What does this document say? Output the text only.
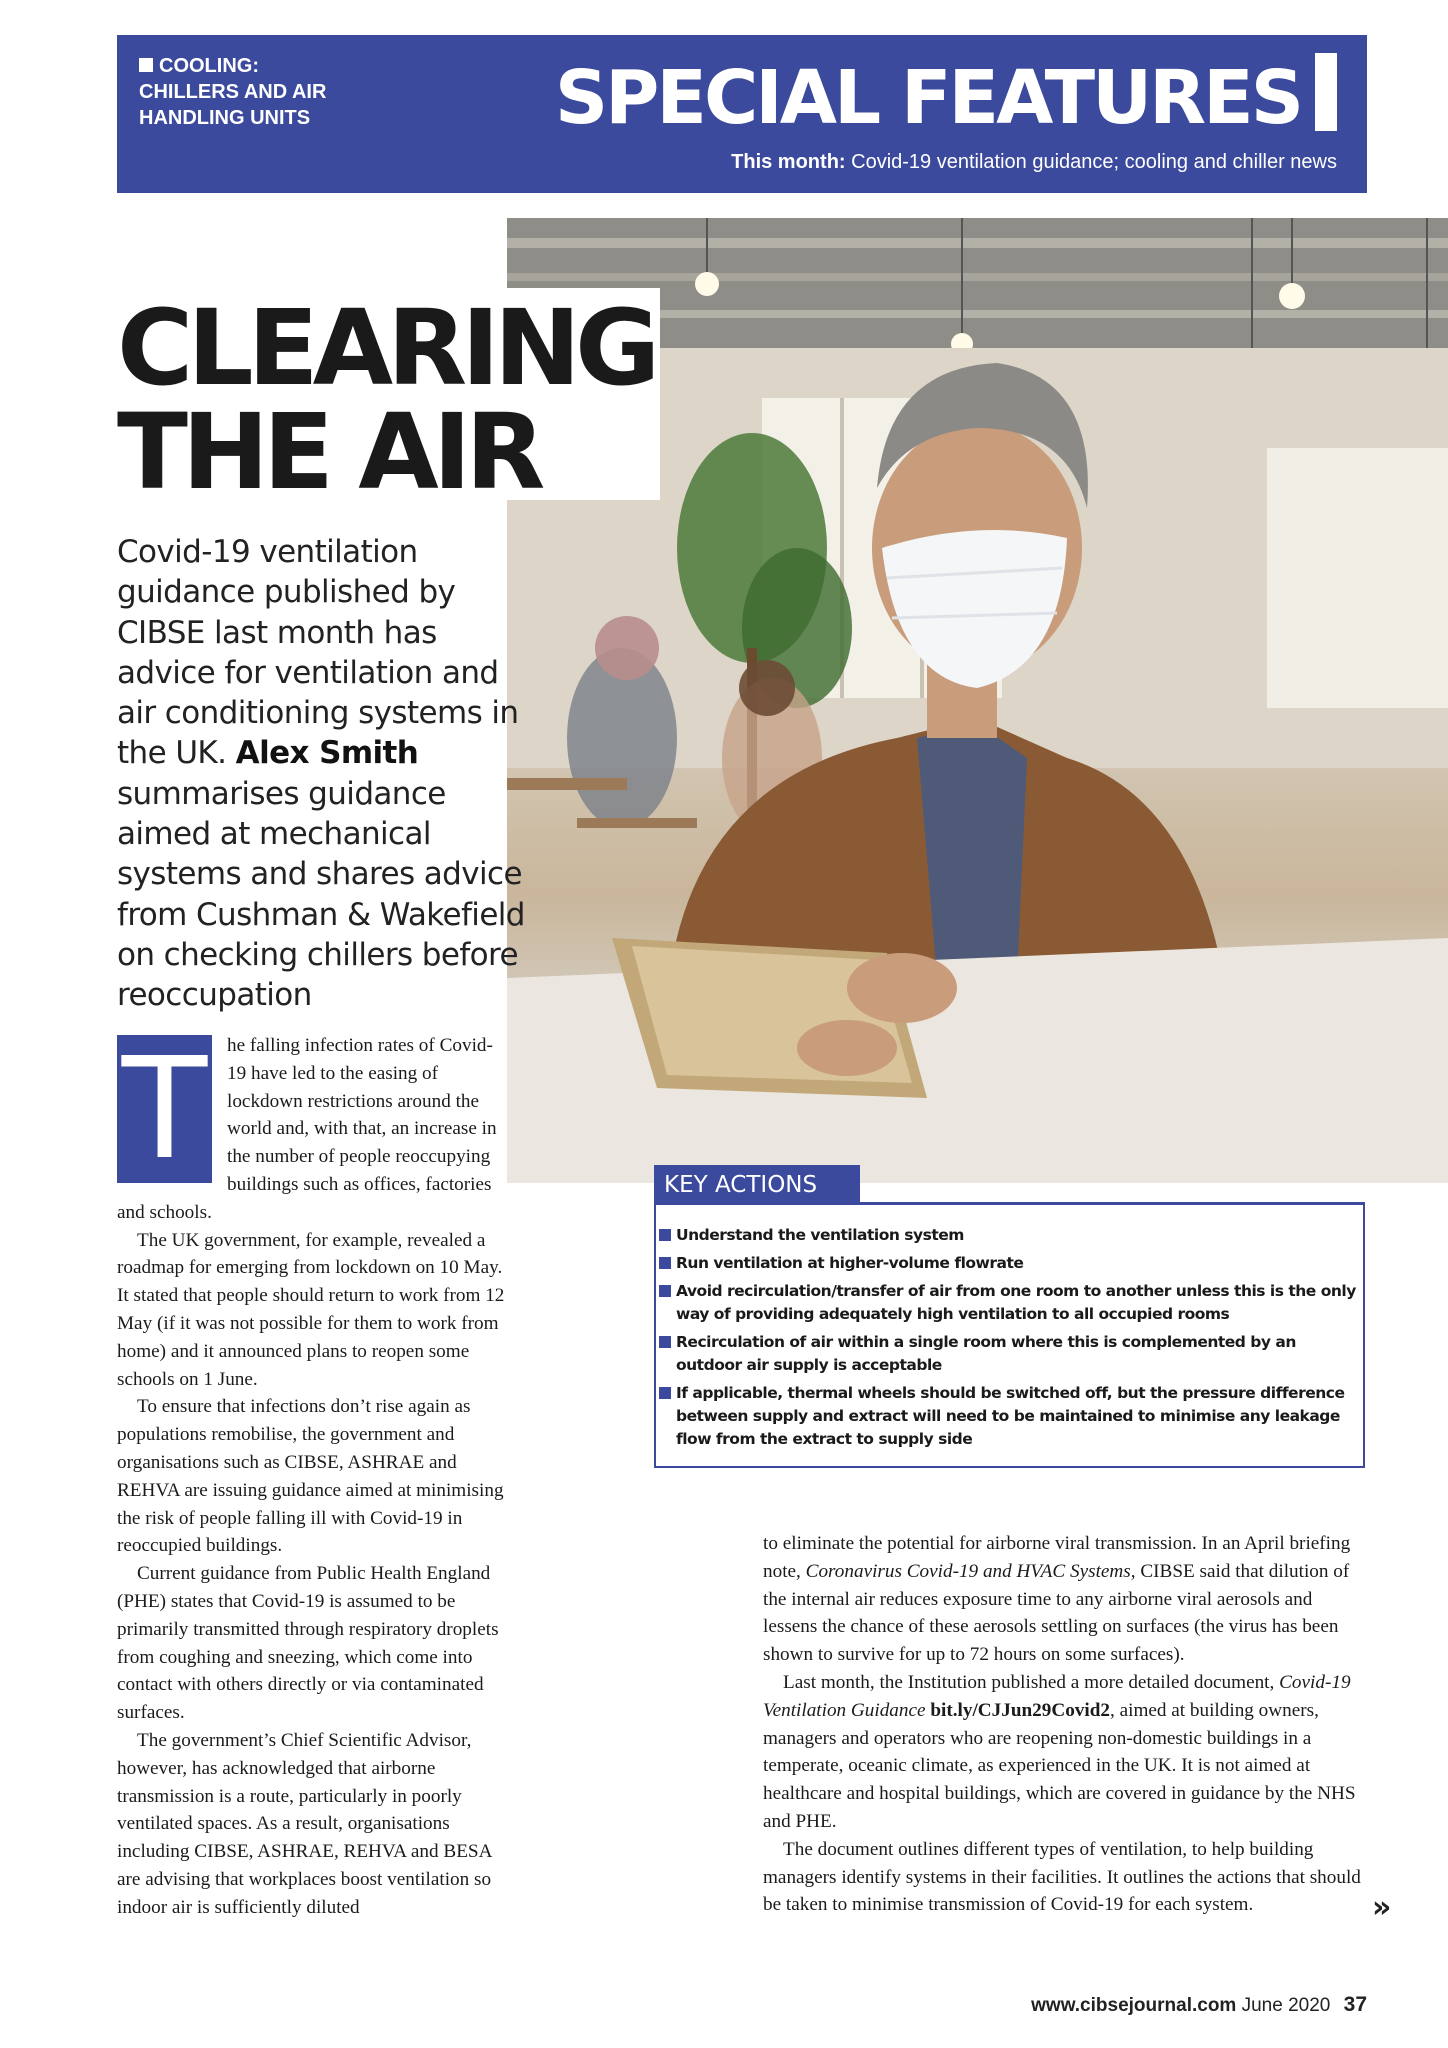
COOLING:
CHILLERS AND AIR
HANDLING UNITS	SPECIAL FEATURES
This month: Covid-19 ventilation guidance; cooling and chiller news
CLEARING
THE AIR
Covid-19 ventilation guidance published by CIBSE last month has advice for ventilation and air conditioning systems in the UK. Alex Smith summarises guidance aimed at mechanical systems and shares advice from Cushman & Wakefield on checking chillers before reoccupation
T	he falling infection rates of Covid-19 have led to the easing of lockdown restrictions around the world and, with that, an increase in the number of people reoccupying buildings such as offices, factories and schools.

The UK government, for example, revealed a roadmap for emerging from lockdown on 10 May. It stated that people should return to work from 12 May (if it was not possible for them to work from home) and it announced plans to reopen some schools on 1 June.

To ensure that infections don’t rise again as populations remobilise, the government and organisations such as CIBSE, ASHRAE and REHVA are issuing guidance aimed at minimising the risk of people falling ill with Covid-19 in reoccupied buildings.

Current guidance from Public Health England (PHE) states that Covid-19 is assumed to be primarily transmitted through respiratory droplets from coughing and sneezing, which come into contact with others directly or via contaminated surfaces.

The government’s Chief Scientific Advisor, however, has acknowledged that airborne transmission is a route, particularly in poorly ventilated spaces. As a result, organisations including CIBSE, ASHRAE, REHVA and BESA are advising that workplaces boost ventilation so indoor air is sufficiently diluted

KEY ACTIONS
Understand the ventilation system
Run ventilation at higher-volume flowrate
Avoid recirculation/transfer of air from one room to another unless this is the only way of providing adequately high ventilation to all occupied rooms
Recirculation of air within a single room where this is complemented by an outdoor air supply is acceptable
If applicable, thermal wheels should be switched off, but the pressure difference between supply and extract will need to be maintained to minimise any leakage flow from the extract to supply side

to eliminate the potential for airborne viral transmission. In an April briefing note, Coronavirus Covid-19 and HVAC Systems, CIBSE said that dilution of the internal air reduces exposure time to any airborne viral aerosols and lessens the chance of these aerosols settling on surfaces (the virus has been shown to survive for up to 72 hours on some surfaces).

Last month, the Institution published a more detailed document, Covid-19 Ventilation Guidance bit.ly/CJJun29Covid2, aimed at building owners, managers and operators who are reopening non-domestic buildings in a temperate, oceanic climate, as experienced in the UK. It is not aimed at healthcare and hospital buildings, which are covered in guidance by the NHS and PHE.

The document outlines different types of ventilation, to help building managers identify systems in their facilities. It outlines the actions that should be taken to minimise transmission of Covid-19 for each system.	»
www.cibsejournal.com June 2020 37
